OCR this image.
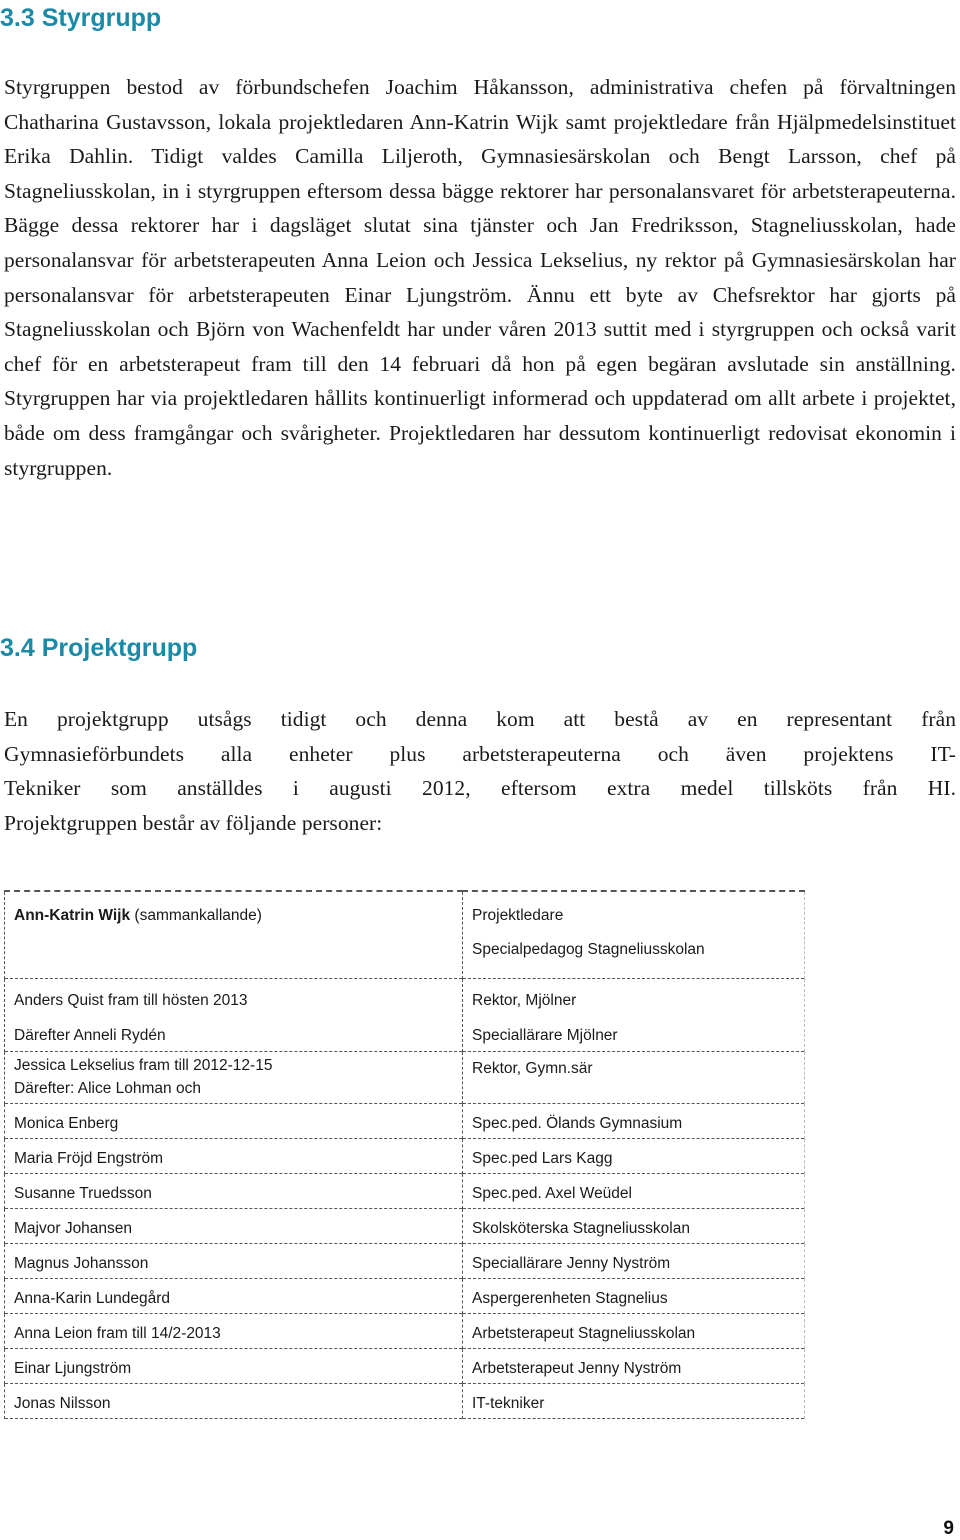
3.3 Styrgrupp

Styrgruppen bestod av förbundschefen Joachim Håkansson, administrativa chefen på förvaltningen Chatharina Gustavsson, lokala projektledaren Ann-Katrin Wijk samt projektledare från Hjälpmedelsinstituet Erika Dahlin. Tidigt valdes Camilla Liljeroth, Gymnasiesärskolan och Bengt Larsson, chef på Stagneliusskolan, in i styrgruppen eftersom dessa bägge rektorer har personalansvaret för arbetsterapeuterna. Bägge dessa rektorer har i dagsläget slutat sina tjänster och Jan Fredriksson, Stagneliusskolan, hade personalansvar för arbetsterapeuten Anna Leion och Jessica Lekselius, ny rektor på Gymnasiesärskolan har personalansvar för arbetsterapeuten Einar Ljungström. Ännu ett byte av Chefsrektor har gjorts på Stagneliusskolan och Björn von Wachenfeldt har under våren 2013 suttit med i styrgruppen och också varit chef för en arbetsterapeut fram till den 14 februari då hon på egen begäran avslutade sin anställning. Styrgruppen har via projektledaren hållits kontinuerligt informerad och uppdaterad om allt arbete i projektet, både om dess framgångar och svårigheter. Projektledaren har dessutom kontinuerligt redovisat ekonomin i styrgruppen.

3.4 Projektgrupp

En projektgrupp utsågs tidigt och denna kom att bestå av en representant från
Gymnasieförbundets alla enheter plus arbetsterapeuterna och även projektens IT-
Tekniker som anställdes i augusti 2012, eftersom extra medel tillsköts från HI.
Projektgruppen består av följande personer:

Ann-Katrin Wijk (sammankallande)	Projektledare
Specialpedagog Stagneliusskolan

Anders Quist fram till hösten 2013
Därefter Anneli Rydén	Rektor, Mjölner
Speciallärare Mjölner

Jessica Lekselius fram till 2012-12-15
Därefter: Alice Lohman och	Rektor, Gymn.sär

Monica Enberg	Spec.ped. Ölands Gymnasium
Maria Fröjd Engström	Spec.ped Lars Kagg
Susanne Truedsson	Spec.ped. Axel Weüdel
Majvor Johansen	Skolsköterska Stagneliusskolan
Magnus Johansson	Speciallärare Jenny Nyström
Anna-Karin Lundegård	Aspergerenheten Stagnelius
Anna Leion fram till 14/2-2013	Arbetsterapeut Stagneliusskolan
Einar Ljungström	Arbetsterapeut Jenny Nyström
Jonas Nilsson	IT-tekniker
9
